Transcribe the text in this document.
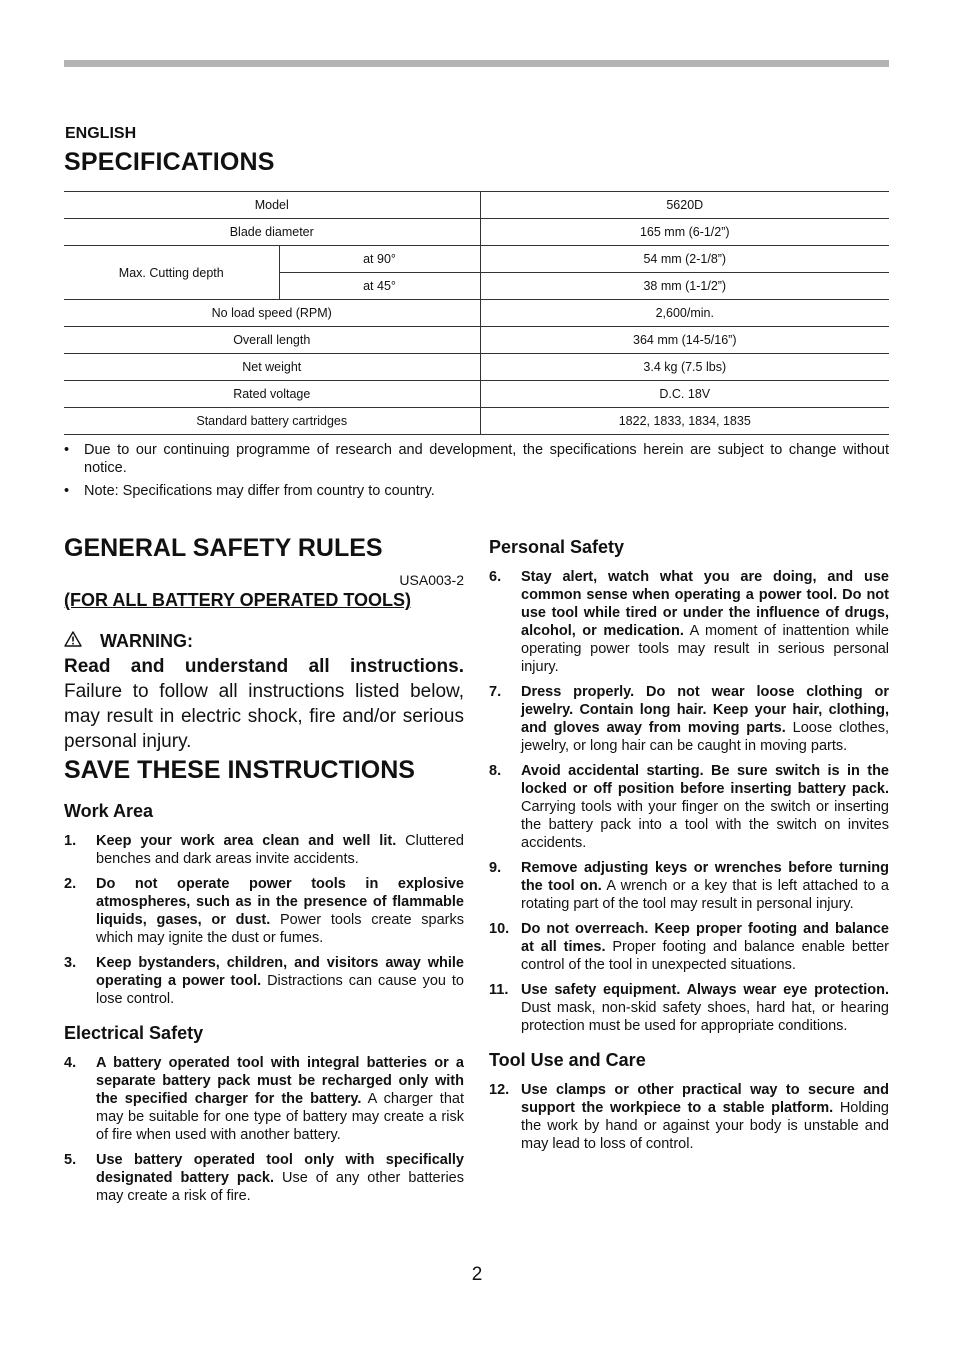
ENGLISH
SPECIFICATIONS
Model		5620D
Blade diameter		165 mm (6-1/2”)
Max. Cutting depth	at 90°	54 mm (2-1/8”)
	at 45°	38 mm (1-1/2”)
No load speed (RPM)		2,600/min.
Overall length		364 mm (14-5/16”)
Net weight		3.4 kg (7.5 lbs)
Rated voltage		D.C. 18V
Standard battery cartridges		1822, 1833, 1834, 1835
• Due to our continuing programme of research and development, the specifications herein are subject to change without notice.
• Note: Specifications may differ from country to country.
GENERAL SAFETY RULES
USA003-2
(FOR ALL BATTERY OPERATED TOOLS)
WARNING:
Read and understand all instructions. Failure to follow all instructions listed below, may result in electric shock, fire and/or serious personal injury.
SAVE THESE INSTRUCTIONS
Work Area
1.	Keep your work area clean and well lit. Cluttered benches and dark areas invite accidents.
2.	Do not operate power tools in explosive atmospheres, such as in the presence of flammable liquids, gases, or dust. Power tools create sparks which may ignite the dust or fumes.
3.	Keep bystanders, children, and visitors away while operating a power tool. Distractions can cause you to lose control.
Electrical Safety
4.	A battery operated tool with integral batteries or a separate battery pack must be recharged only with the specified charger for the battery. A charger that may be suitable for one type of battery may create a risk of fire when used with another battery.
5.	Use battery operated tool only with specifically designated battery pack. Use of any other batteries may create a risk of fire.
Personal Safety
6.	Stay alert, watch what you are doing, and use common sense when operating a power tool. Do not use tool while tired or under the influence of drugs, alcohol, or medication. A moment of inattention while operating power tools may result in serious personal injury.
7.	Dress properly. Do not wear loose clothing or jewelry. Contain long hair. Keep your hair, clothing, and gloves away from moving parts. Loose clothes, jewelry, or long hair can be caught in moving parts.
8.	Avoid accidental starting. Be sure switch is in the locked or off position before inserting battery pack. Carrying tools with your finger on the switch or inserting the battery pack into a tool with the switch on invites accidents.
9.	Remove adjusting keys or wrenches before turning the tool on. A wrench or a key that is left attached to a rotating part of the tool may result in personal injury.
10. Do not overreach. Keep proper footing and balance at all times. Proper footing and balance enable better control of the tool in unexpected situations.
11. Use safety equipment. Always wear eye protection. Dust mask, non-skid safety shoes, hard hat, or hearing protection must be used for appropriate conditions.
Tool Use and Care
12. Use clamps or other practical way to secure and support the workpiece to a stable platform. Holding the work by hand or against your body is unstable and may lead to loss of control.
2
